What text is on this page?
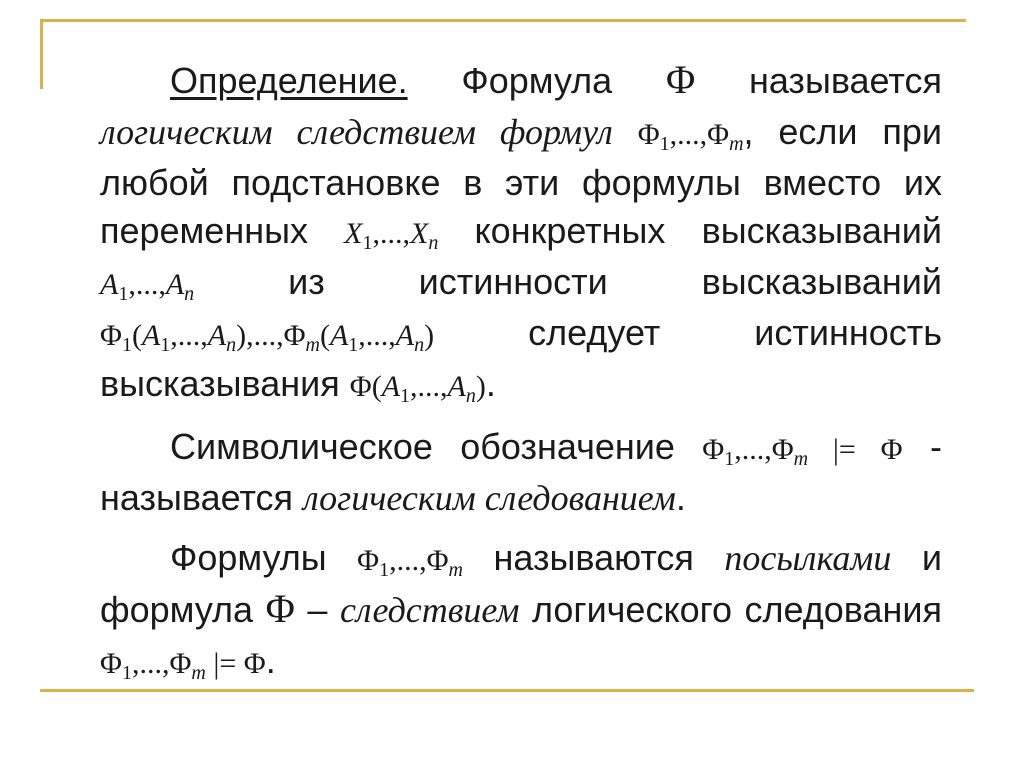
Определение. Формула Φ называется логическим следствием формул $\Phi_1,...,\Phi_m$, если при любой подстановке в эти формулы вместо их переменных $X_1,...,X_n$ конкретных высказываний $A_1,...,A_n$	из истинности высказываний $\Phi_1(A_1,...,A_n),...,\Phi_m(A_1,...,A_n)$	следует истинность высказывания $\Phi(A_1,...,A_n)$.

Символическое обозначение $\Phi_1,...,\Phi_m$ |= Φ - называется логическим следованием.

Формулы $\Phi_1,...,\Phi_m$ называются посылками и формула Φ – следствием логического следования $\Phi_1,...,\Phi_m$ |= Φ.
